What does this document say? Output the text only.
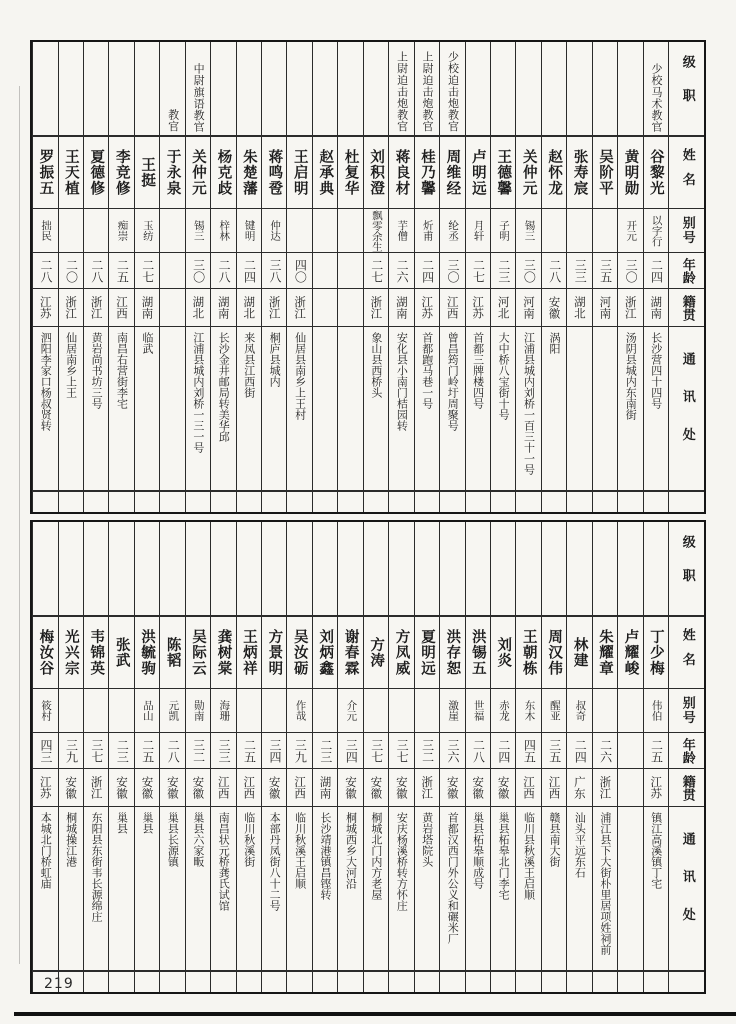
级职
姓名
别号
年龄
籍贯
通讯处
少校马术教官
谷黎光
以字行
二四
湖南
长沙营四十四号
黄明勋
开元
三〇
浙江
汤阴县城内东南街
吴阶平
三五
河南
张寿宸
三三
湖北
赵怀龙
二八
安徽
涡阳
关仲元
锡三
三〇
河南
江浦县城内刘桥一百三十一号
王德馨
子明
二三
河北
大中桥八宝街十号
卢明远
月轩
二七
江苏
首都三牌楼四号
少校迫击炮教官
周维经
纶丞
三〇
江西
曾昌筠门岭圩周聚号
上尉迫击炮教官
桂乃馨
炘甫
二四
江苏
首都跑马巷一号
上尉迫击炮教官
蒋良材
芋僧
二六
湖南
安化县小南门桔园转
刘积澄
飘零余生
二七
浙江
象山县西桥头
杜复华
赵承典
王启明
四〇
浙江
仙居县南乡上王村
蒋鸣卺
仲达
三八
浙江
桐庐县城内
朱楚藩
键明
二四
湖北
来凤县江西街
杨克歧
梓林
二八
湖南
长沙金井邮局转美华邱
中尉旗语教官
关仲元
锡三
三〇
湖北
江浦县城内刘桥一三一号
教官
于永泉
王挺
玉纺
二七
湖南
临武
李竞修
痴崇
二五
江西
南昌右营街李宅
夏德修
二八
浙江
黄岩尚书坊三号
王天植
二〇
浙江
仙居南乡上王
罗振五
拙民
二八
江苏
泗阳李家口杨叔贤转
级职
姓名
别号
年龄
籍贯
通讯处
丁少梅
伟伯
二五
江苏
镇江高溪镇丁宅
卢耀峻
朱耀章
二六
浙江
浦江县下大街朴里居项姓祠前
林建
叔奇
二四
广东
汕头平远东石
周汉伟
醒亚
三五
江西
赣县南大街
王朝栋
东木
四五
江西
临川县秋溪王启顺
刘炎
赤龙
二四
安徽
巢县柘皋北门李宅
洪锡五
世福
二八
安徽
巢县柘皋顺成号
洪存恕
激崖
三六
安徽
首都汉西门外公义和碾米厂
夏明远
三二
浙江
黄岩塔院头
方凤威
三七
安徽
安庆杨溪桥转方怀庄
方涛
三七
安徽
桐城北门内方老屋
谢春霖
介元
三四
安徽
桐城西乡大河沿
刘炳鑫
二三
湖南
长沙靖港镇昌铿转
吴汝砺
作哉
三九
江西
临川秋溪王启顺
方景明
三四
安徽
本部丹凤街八十二号
王炳祥
二五
江西
临川秋溪街
龚树棠
海珊
三三
江西
南昌状元桥龚氏试馆
吴际云
勋南
三二
安徽
巢县六家畈
陈韬
元凯
二八
安徽
巢县长源镇
洪毓驹
品山
二五
安徽
巢县
张武
二三
安徽
巢县
韦锦英
三七
浙江
东阳县东街韦长源绵庄
光兴宗
三九
安徽
桐城操江港
梅汝谷
筱村
四三
江苏
本城北门桥虹庙
219
